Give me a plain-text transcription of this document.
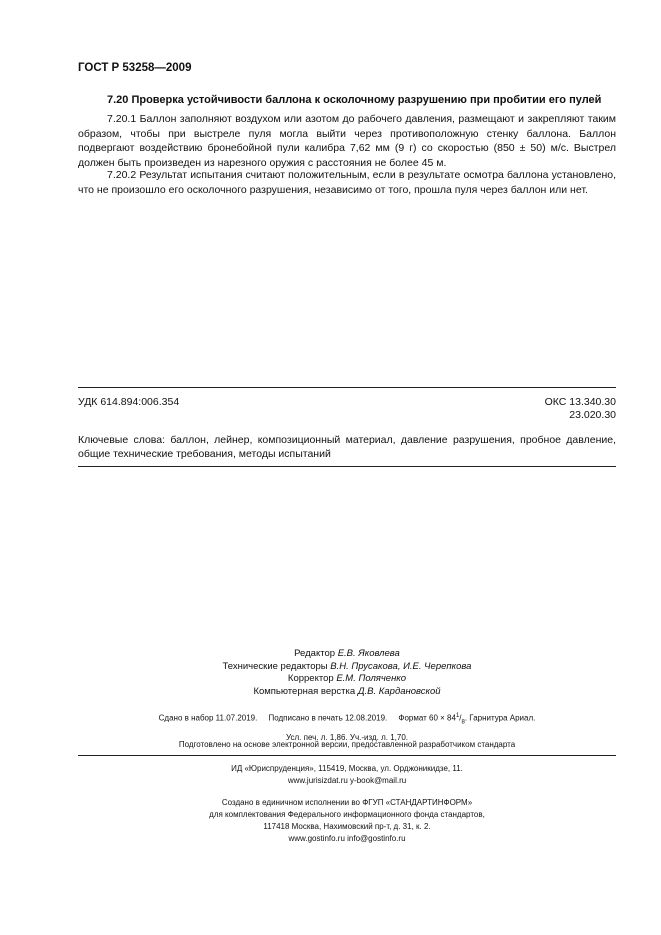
ГОСТ Р 53258—2009
7.20 Проверка устойчивости баллона к осколочному разрушению при пробитии его пулей
7.20.1 Баллон заполняют воздухом или азотом до рабочего давления, размещают и закрепляют таким образом, чтобы при выстреле пуля могла выйти через противоположную стенку баллона. Баллон подвергают воздействию бронебойной пули калибра 7,62 мм (9 г) со скоростью (850 ± 50) м/с. Выстрел должен быть произведен из нарезного оружия с расстояния не более 45 м.
7.20.2 Результат испытания считают положительным, если в результате осмотра баллона установлено, что не произошло его осколочного разрушения, независимо от того, прошла пуля через баллон или нет.
УДК 614.894:006.354	ОКС 13.340.30
23.020.30
Ключевые слова: баллон, лейнер, композиционный материал, давление разрушения, пробное давление, общие технические требования, методы испытаний
Редактор Е.В. Яковлева
Технические редакторы В.Н. Прусакова, И.Е. Черепкова
Корректор Е.М. Поляченко
Компьютерная верстка Д.В. Кардановской
Сдано в набор 11.07.2019. Подписано в печать 12.08.2019. Формат $60 \times 84^1/_8$. Гарнитура Ариал.
Усл. печ. л. 1,86. Уч.-изд. л. 1,70.
Подготовлено на основе электронной версии, предоставленной разработчиком стандарта
ИД «Юриспруденция», 115419, Москва, ул. Орджоникидзе, 11.
www.jurisizdat.ru y-book@mail.ru
Создано в единичном исполнении во ФГУП «СТАНДАРТИНФОРМ»
для комплектования Федерального информационного фонда стандартов,
117418 Москва, Нахимовский пр-т, д. 31, к. 2.
www.gostinfo.ru info@gostinfo.ru
